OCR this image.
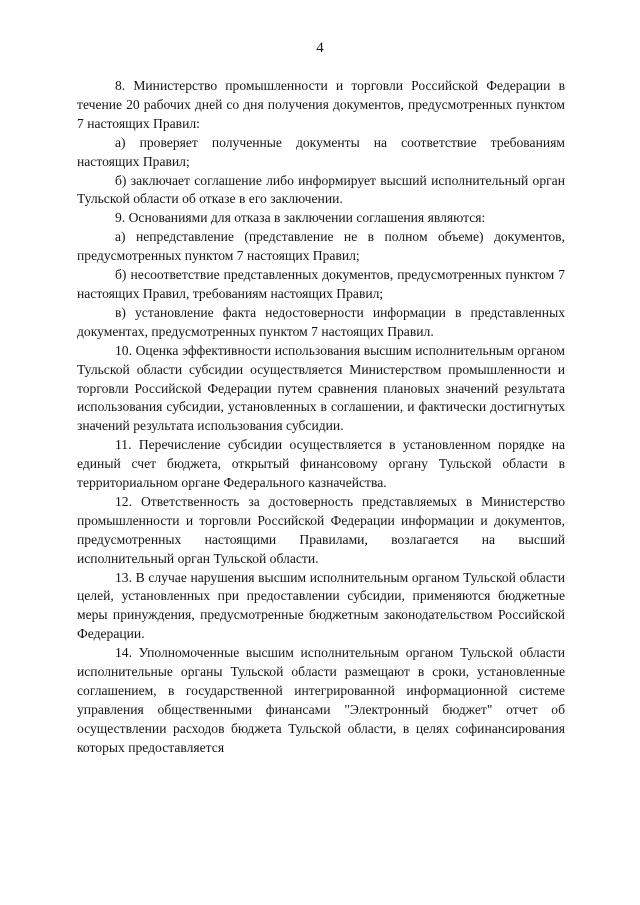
4

8. Министерство промышленности и торговли Российской Федерации в течение 20 рабочих дней со дня получения документов, предусмотренных пунктом 7 настоящих Правил:

а) проверяет полученные документы на соответствие требованиям настоящих Правил;

б) заключает соглашение либо информирует высший исполнительный орган Тульской области об отказе в его заключении.

9. Основаниями для отказа в заключении соглашения являются:

а) непредставление (представление не в полном объеме) документов, предусмотренных пунктом 7 настоящих Правил;

б) несоответствие представленных документов, предусмотренных пунктом 7 настоящих Правил, требованиям настоящих Правил;

в) установление факта недостоверности информации в представленных документах, предусмотренных пунктом 7 настоящих Правил.

10. Оценка эффективности использования высшим исполнительным органом Тульской области субсидии осуществляется Министерством промышленности и торговли Российской Федерации путем сравнения плановых значений результата использования субсидии, установленных в соглашении, и фактически достигнутых значений результата использования субсидии.

11. Перечисление субсидии осуществляется в установленном порядке на единый счет бюджета, открытый финансовому органу Тульской области в территориальном органе Федерального казначейства.

12. Ответственность за достоверность представляемых в Министерство промышленности и торговли Российской Федерации информации и документов, предусмотренных настоящими Правилами, возлагается на высший исполнительный орган Тульской области.

13. В случае нарушения высшим исполнительным органом Тульской области целей, установленных при предоставлении субсидии, применяются бюджетные меры принуждения, предусмотренные бюджетным законодательством Российской Федерации.

14. Уполномоченные высшим исполнительным органом Тульской области исполнительные органы Тульской области размещают в сроки, установленные соглашением, в государственной интегрированной информационной системе управления общественными финансами "Электронный бюджет" отчет об осуществлении расходов бюджета Тульской области, в целях софинансирования которых предоставляется
